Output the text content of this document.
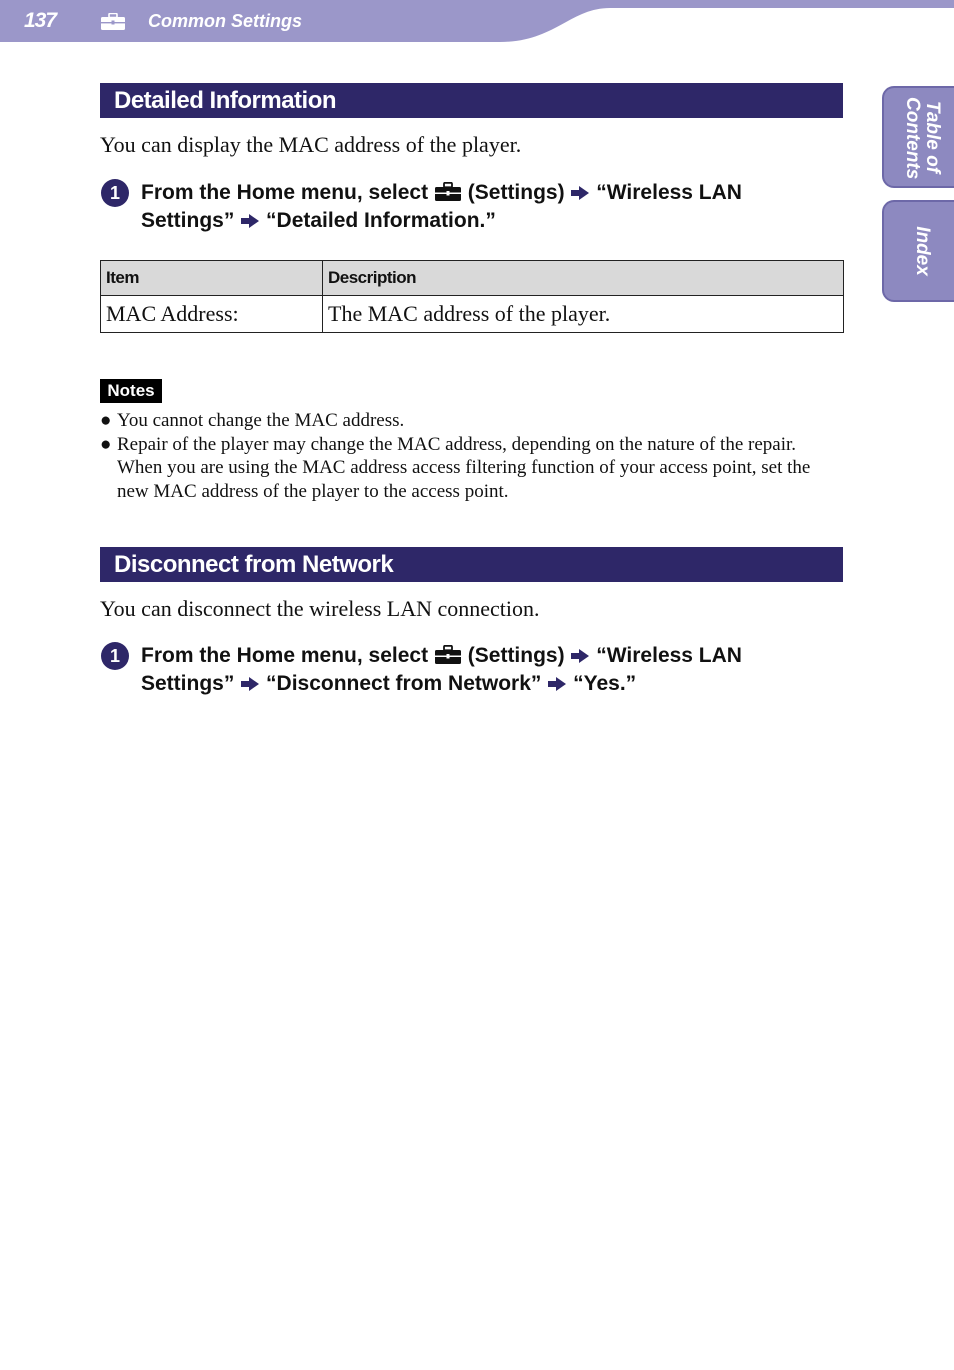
137	Common Settings
Table of Contents
Index
Detailed Information
You can display the MAC address of the player.
1	From the Home menu, select (Settings) “Wireless LAN Settings” “Detailed Information.”
Item	Description
MAC Address:	The MAC address of the player.
Notes
● You cannot change the MAC address.
● Repair of the player may change the MAC address, depending on the nature of the repair. When you are using the MAC address access filtering function of your access point, set the new MAC address of the player to the access point.
Disconnect from Network
You can disconnect the wireless LAN connection.
1	From the Home menu, select (Settings) “Wireless LAN Settings” “Disconnect from Network” “Yes.”
